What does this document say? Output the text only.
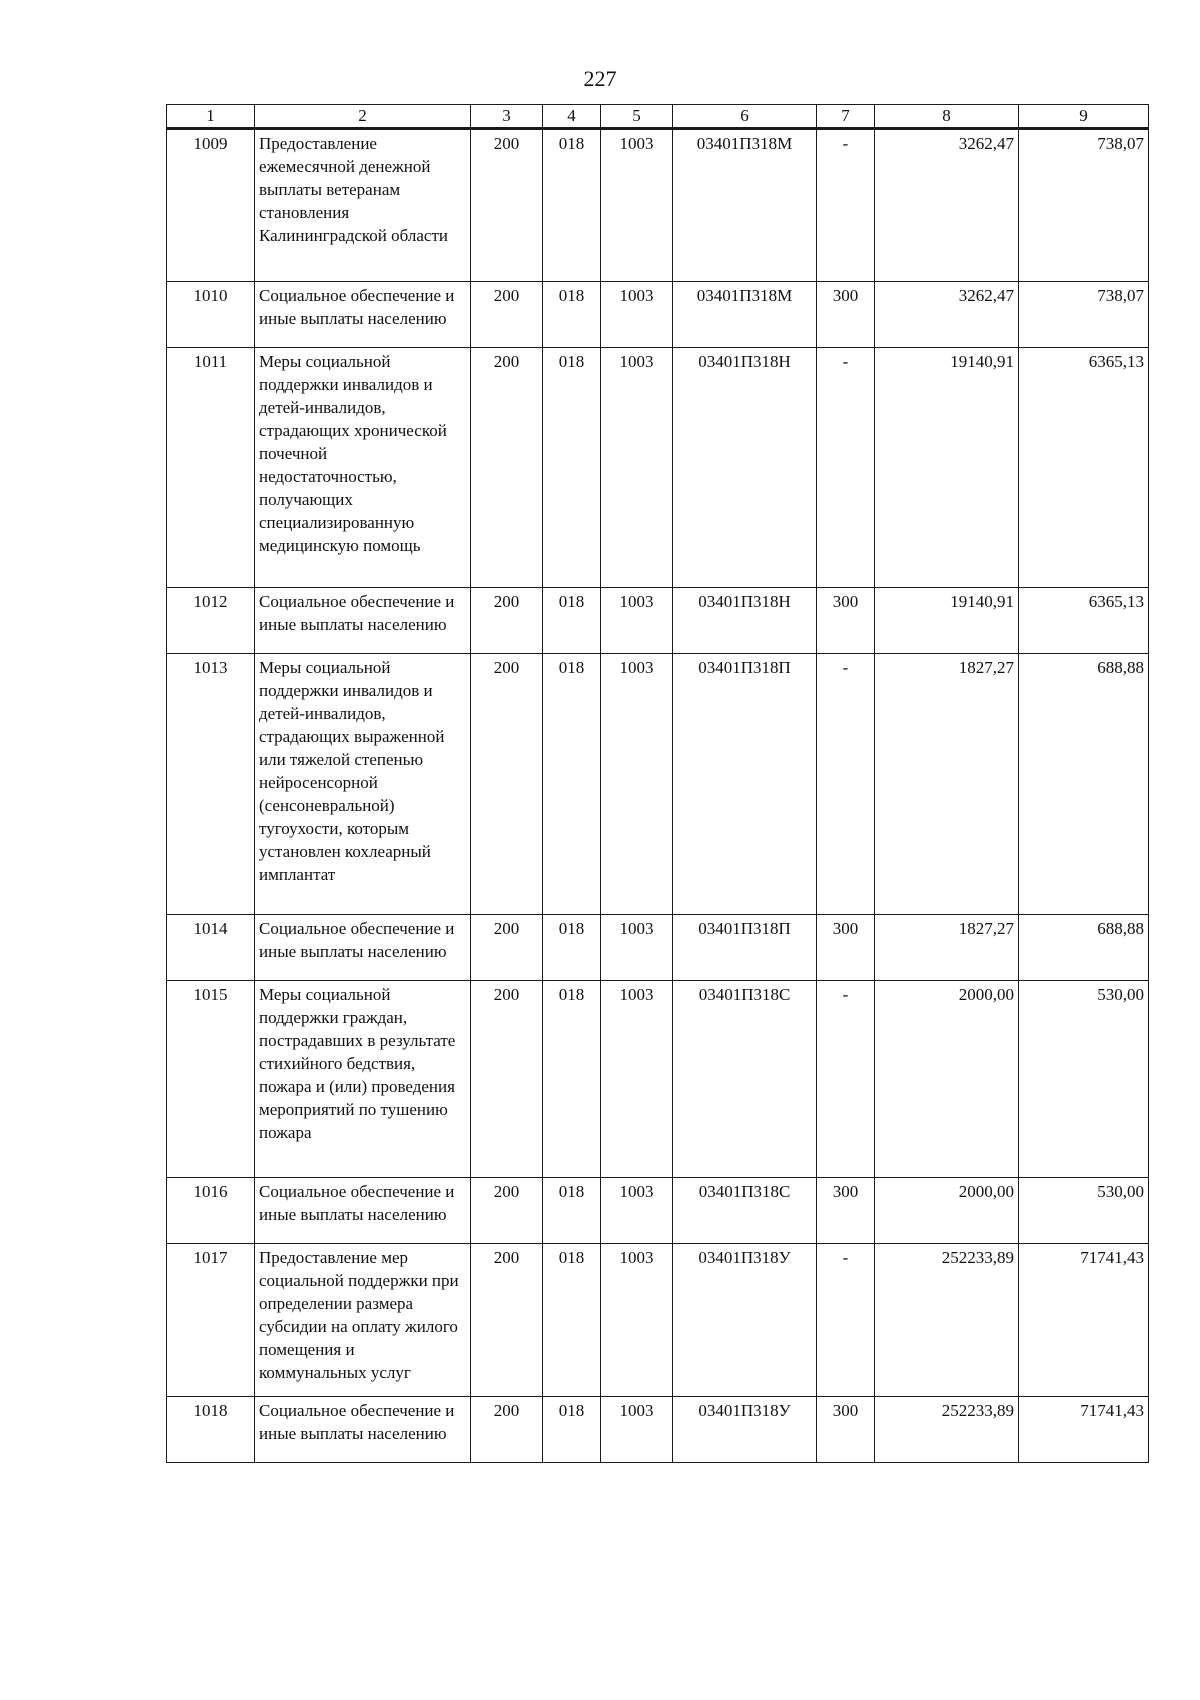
227
1	2	3	4	5	6	7	8	9
1009	Предоставление ежемесячной денежной выплаты ветеранам становления Калининградской области	200	018	1003	03401П318М	-	3262,47	738,07
1010	Социальное обеспечение и иные выплаты населению	200	018	1003	03401П318М	300	3262,47	738,07
1011	Меры социальной поддержки инвалидов и детей-инвалидов, страдающих хронической почечной недостаточностью, получающих специализированную медицинскую помощь	200	018	1003	03401П318Н	-	19140,91	6365,13
1012	Социальное обеспечение и иные выплаты населению	200	018	1003	03401П318Н	300	19140,91	6365,13
1013	Меры социальной поддержки инвалидов и детей-инвалидов, страдающих выраженной или тяжелой степенью нейросенсорной (сенсоневральной) тугоухости, которым установлен кохлеарный имплантат	200	018	1003	03401П318П	-	1827,27	688,88
1014	Социальное обеспечение и иные выплаты населению	200	018	1003	03401П318П	300	1827,27	688,88
1015	Меры социальной поддержки граждан, пострадавших в результате стихийного бедствия, пожара и (или) проведения мероприятий по тушению пожара	200	018	1003	03401П318С	-	2000,00	530,00
1016	Социальное обеспечение и иные выплаты населению	200	018	1003	03401П318С	300	2000,00	530,00
1017	Предоставление мер социальной поддержки при определении размера субсидии на оплату жилого помещения и коммунальных услуг	200	018	1003	03401П318У	-	252233,89	71741,43
1018	Социальное обеспечение и иные выплаты населению	200	018	1003	03401П318У	300	252233,89	71741,43
